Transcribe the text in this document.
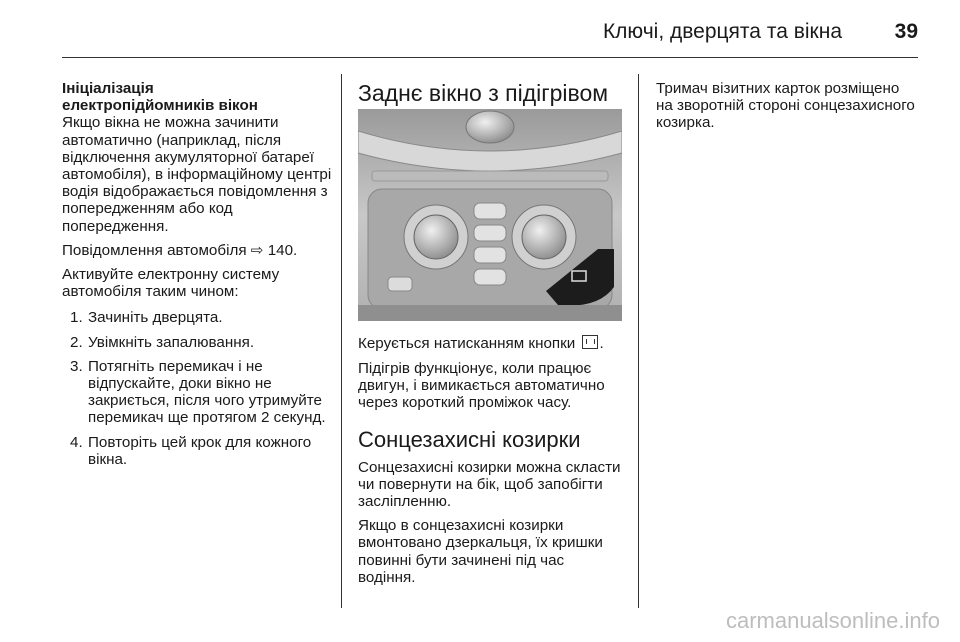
Ключі, дверцята та вікна	39
Ініціалізація
електропідйомників вікон

Якщо вікна не можна зачинити автоматично (наприклад, після відключення акумуляторної батареї автомобіля), в інформаційному центрі водія відображається повідомлення з попередженням або код попередження.

Повідомлення автомобіля ⇨ 140.

Активуйте електронну систему автомобіля таким чином:

1. Зачиніть дверцята.
2. Увімкніть запалювання.
3. Потягніть перемикач і не відпускайте, доки вікно не закриється, після чого утримуйте перемикач ще протягом 2 секунд.
4. Повторіть цей крок для кожного вікна.
Заднє вікно з підігрівом

Керується натисканням кнопки .

Підігрів функціонує, коли працює двигун, і вимикається автоматично через короткий проміжок часу.

Сонцезахисні козирки

Сонцезахисні козирки можна скласти чи повернути на бік, щоб запобігти засліпленню.

Якщо в сонцезахисні козирки вмонтовано дзеркальця, їх кришки повинні бути зачинені під час водіння.

Тримач візитних карток розміщено на зворотній стороні сонцезахисного козирка.

carmanualsonline.info
